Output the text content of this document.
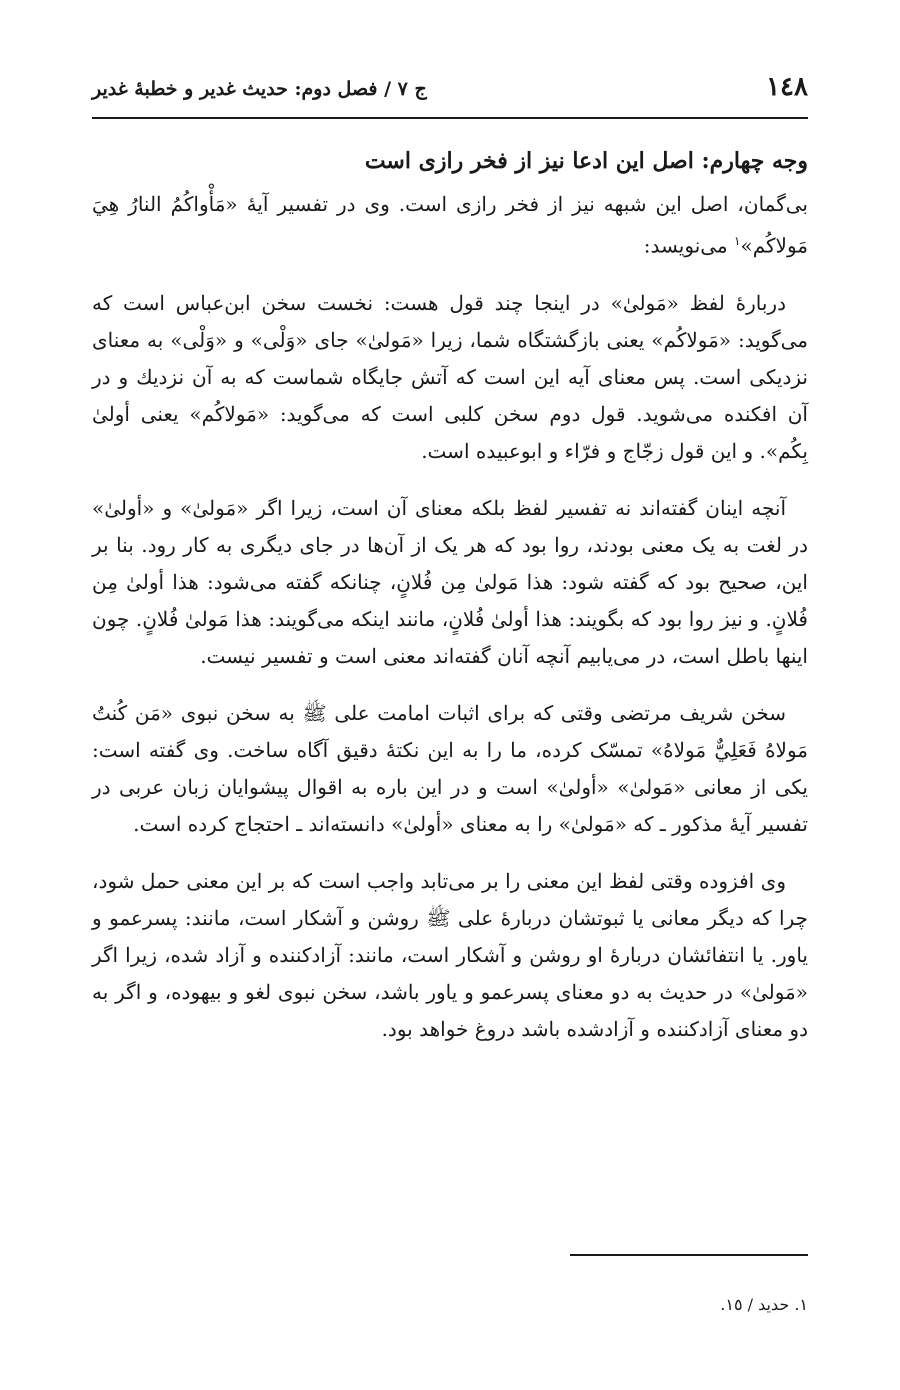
١٤٨
ج ۷ / فصل دوم: حديث غدير و خطبهٔ غدير
وجه چهارم: اصل اين ادعا نيز از فخر رازى است

بى‌گمان، اصل اين شبهه نيز از فخر رازى است. وى در تفسير آيهٔ «مَأْواكُمُ النارُ هِيَ مَولاكُم»$^١$ مى‌نويسد:

دربارهٔ لفظ «مَولىٰ» در اينجا چند قول هست: نخست سخن ابن‌عباس است كه مى‌گويد: «مَولاكُم» يعنى بازگشتگاه شما، زيرا «مَولىٰ» جاى «وَلْى» و «وَلْى» به معناى نزديكى است. پس معناى آيه اين است كه آتش جايگاه شماست كه به آن نزديك و در آن افكنده مى‌شويد. قول دوم سخن كلبى است كه مى‌گويد: «مَولاكُم» يعنى أولىٰ بِكُم». و اين قول زجّاج و فرّاء و ابوعبيده است.

آنچه اينان گفته‌اند نه تفسير لفظ بلكه معناى آن است، زيرا اگر «مَولىٰ» و «أولىٰ» در لغت به يک معنى بودند، روا بود كه هر يک از آن‌ها در جاى ديگرى به كار رود. بنا بر اين، صحيح بود كه گفته شود: هذا مَولىٰ مِن فُلانٍ، چنانكه گفته مى‌شود: هذا أولىٰ مِن فُلانٍ. و نيز روا بود كه بگويند: هذا أولىٰ فُلانٍ، مانند اينكه مى‌گويند: هذا مَولىٰ فُلانٍ. چون اينها باطل است، در مى‌يابيم آنچه آنان گفته‌اند معنى است و تفسير نيست.

سخن شريف مرتضى وقتى كه براى اثبات امامت على ﷺ به سخن نبوى «مَن كُنتُ مَولاهُ فَعَلِيٌّ مَولاهُ» تمسّک كرده، ما را به اين نكتهٔ دقيق آگاه ساخت. وى گفته است: يكى از معانى «مَولىٰ» «أولىٰ» است و در اين باره به اقوال پيشوايان زبان عربى در تفسير آيهٔ مذكور ـ كه «مَولىٰ» را به معناى «أولىٰ» دانسته‌اند ـ احتجاج كرده است.

وى افزوده وقتى لفظ اين معنى را بر مى‌تابد واجب است كه بر اين معنى حمل شود، چرا كه ديگر معانى يا ثبوتشان دربارهٔ على ﷺ روشن و آشكار است، مانند: پسرعمو و ياور. يا انتفائشان دربارهٔ او روشن و آشكار است، مانند: آزادكننده و آزاد شده، زيرا اگر «مَولىٰ» در حديث به دو معناى پسرعمو و ياور باشد، سخن نبوى لغو و بيهوده، و اگر به دو معناى آزادكننده و آزادشده باشد دروغ خواهد بود.

١. حديد / ١٥.
